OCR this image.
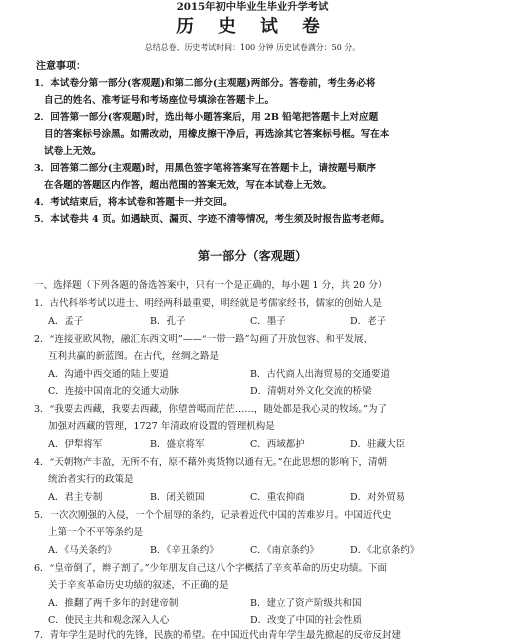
2015年初中毕业生毕业升学考试
历 史 试 卷
总结总卷、历史考试时间：100 分钟 历史试卷满分：50 分。
注意事项：
1．本试卷分第一部分(客观题)和第二部分(主观题)两部分。答卷前，考生务必将
自己的姓名、准考证号和考场座位号填涂在答题卡上。
2．回答第一部分(客观题)时，选出每小题答案后，用 2B 铅笔把答题卡上对应题
目的答案标号涂黑。如需改动，用橡皮擦干净后，再选涂其它答案标号框。写在本
试卷上无效。
3．回答第二部分(主观题)时，用黑色签字笔将答案写在答题卡上，请按题号顺序
在各题的答题区内作答，超出范围的答案无效，写在本试卷上无效。
4．考试结束后，将本试卷和答题卡一并交回。
5．本试卷共 4 页。如遇缺页、漏页、字迹不清等情况，考生须及时报告监考老师。
第一部分（客观题）
一、选择题（下列各题的备选答案中，只有一个是正确的，每小题 1 分，共 20 分）
1．古代科举考试以进士、明经两科最重要，明经就是考儒家经书，儒家的创始人是
A．孟子	B．孔子	C．墨子	D．老子
2．“连接亚欧风物，融汇东西文明”——“一带一路”勾画了开放包容、和平发展、
互利共赢的新蓝图。在古代，丝绸之路是
A．沟通中西交通的陆上要道	B．古代商人出海贸易的交通要道
C．连接中国南北的交通大动脉	D．清朝对外文化交流的桥梁
3．“我要去西藏，我要去西藏，你望普噶而茫茫……，随处都是我心灵的牧场。”为了
加强对西藏的管理，1727 年清政府设置的管理机构是
A．伊犁将军	B．盛京将军	C．西域都护	D．驻藏大臣
4．“天朝物产丰盈，无所不有，原不藉外夷货物以通有无。”在此思想的影响下，清朝
统治者实行的政策是
A．君主专制	B．闭关锁国	C．重农抑商	D．对外贸易
5．一次次刚强的入侵，一个个屈辱的条约，记录着近代中国的苦难岁月。中国近代史
上第一个不平等条约是
A．《马关条约》	B．《辛丑条约》	C．《南京条约》	D．《北京条约》
6．“皇帝倒了，辫子割了。”少年朋友自己这八个字概括了辛亥革命的历史功绩。下面
关于辛亥革命历史功绩的叙述，不正确的是
A．推翻了两千多年的封建帝制	B．建立了资产阶级共和国
C．使民主共和观念深入人心	D．改变了中国的社会性质
7．青年学生是时代的先锋，民族的希望。在中国近代由青年学生最先掀起的反帝反封建
